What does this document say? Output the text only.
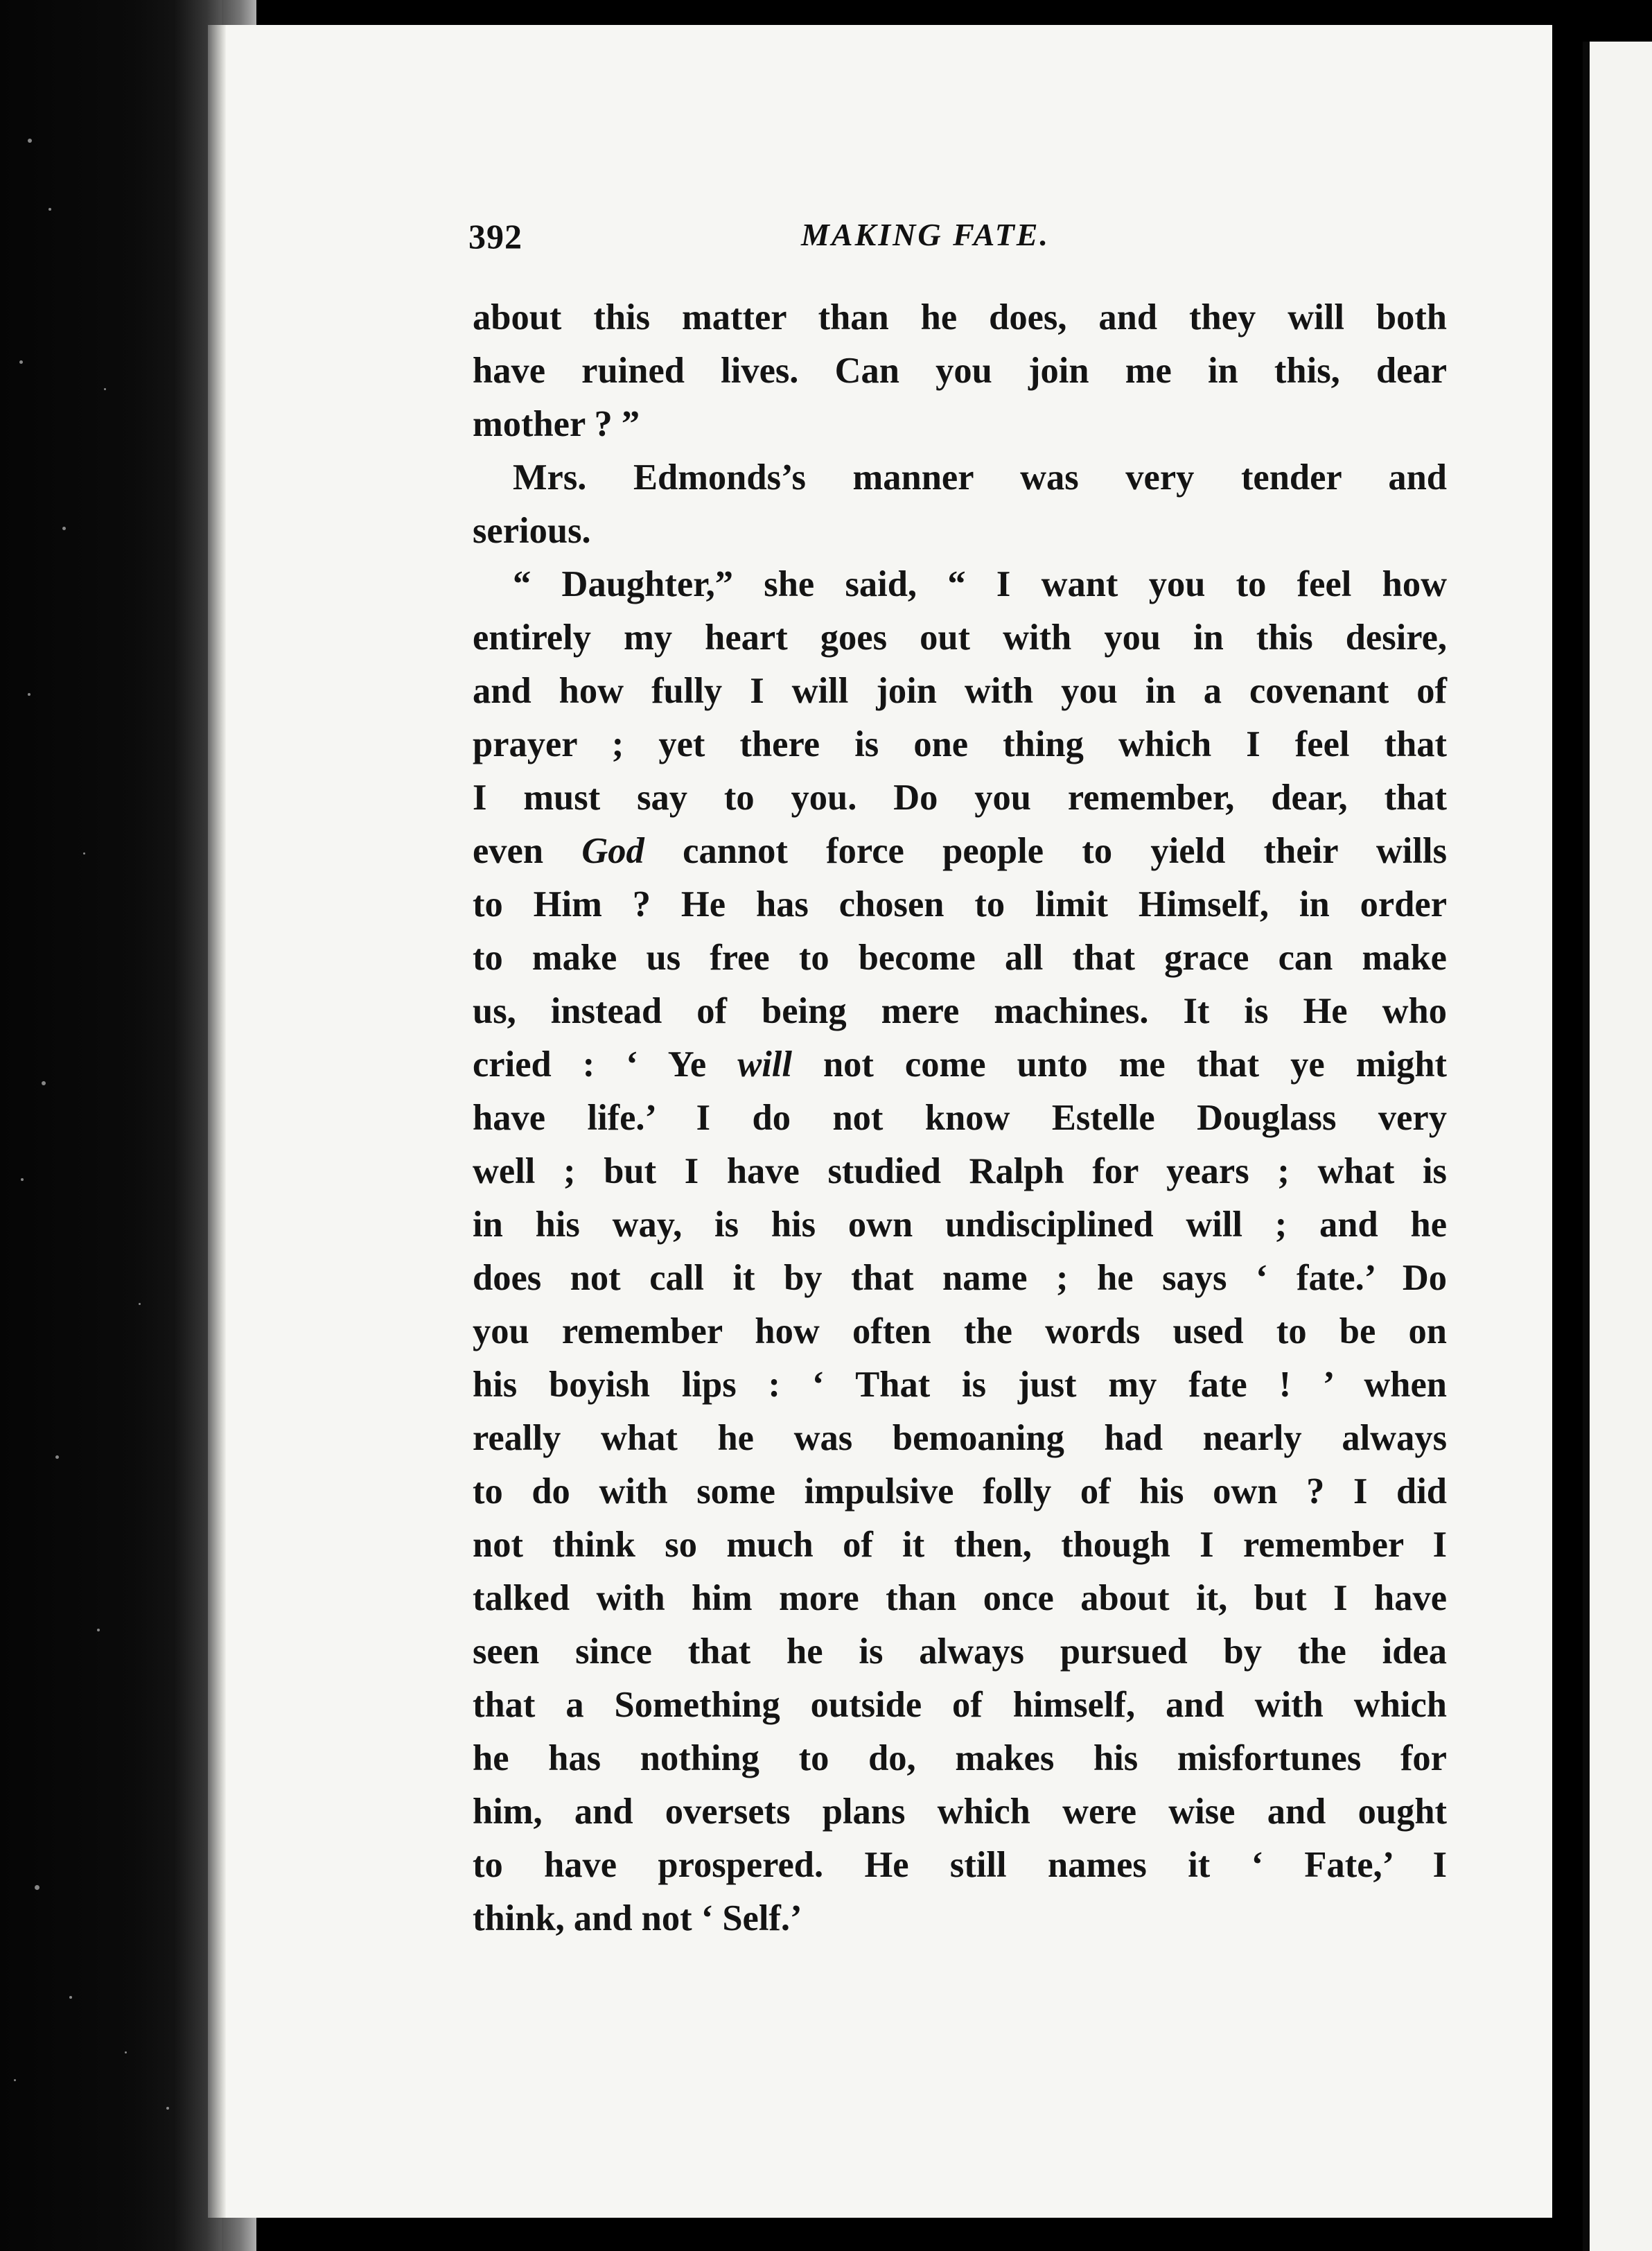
392	MAKING FATE.
about this matter than he does, and they will both
have ruined lives. Can you join me in this, dear
mother ? ”
Mrs. Edmonds’s manner was very tender and
serious.
“ Daughter,” she said, “ I want you to feel how
entirely my heart goes out with you in this desire,
and how fully I will join with you in a covenant of
prayer ; yet there is one thing which I feel that
I must say to you. Do you remember, dear, that
even God cannot force people to yield their wills
to Him ? He has chosen to limit Himself, in order
to make us free to become all that grace can make
us, instead of being mere machines. It is He who
cried : ‘ Ye will not come unto me that ye might
have life.’ I do not know Estelle Douglass very
well ; but I have studied Ralph for years ; what is
in his way, is his own undisciplined will ; and he
does not call it by that name ; he says ‘ fate.’ Do
you remember how often the words used to be on
his boyish lips : ‘ That is just my fate ! ’ when
really what he was bemoaning had nearly always
to do with some impulsive folly of his own ? I did
not think so much of it then, though I remember I
talked with him more than once about it, but I have
seen since that he is always pursued by the idea
that a Something outside of himself, and with which
he has nothing to do, makes his misfortunes for
him, and oversets plans which were wise and ought
to have prospered. He still names it ‘ Fate,’ I
think, and not ‘ Self.’
